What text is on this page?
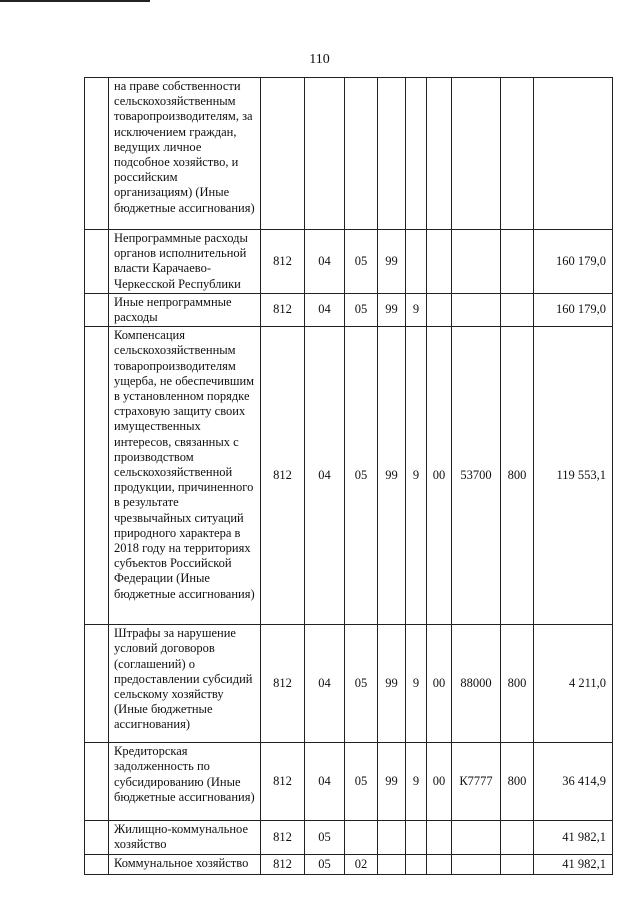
110
	на праве собственности сельскохозяйственным товаропроизводителям, за исключением граждан, ведущих личное подсобное хозяйство, и российским организациям) (Иные бюджетные ассигнования)									
	Непрограммные расходы органов исполнительной власти Карачаево-Черкесской Республики	812	04	05	99					160 179,0
	Иные непрограммные расходы	812	04	05	99	9				160 179,0
	Компенсация сельскохозяйственным товаропроизводителям ущерба, не обеспечившим в установленном порядке страховую защиту своих имущественных интересов, связанных с производством сельскохозяйственной продукции, причиненного в результате чрезвычайных ситуаций природного характера в 2018 году на территориях субъектов Российской Федерации (Иные бюджетные ассигнования)	812	04	05	99	9	00	53700	800	119 553,1
	Штрафы за нарушение условий договоров (соглашений) о предоставлении субсидий сельскому хозяйству (Иные бюджетные ассигнования)	812	04	05	99	9	00	88000	800	4 211,0
	Кредиторская задолженность по субсидированию (Иные бюджетные ассигнования)	812	04	05	99	9	00	К7777	800	36 414,9
	Жилищно-коммунальное хозяйство	812	05							41 982,1
	Коммунальное хозяйство	812	05	02						41 982,1
